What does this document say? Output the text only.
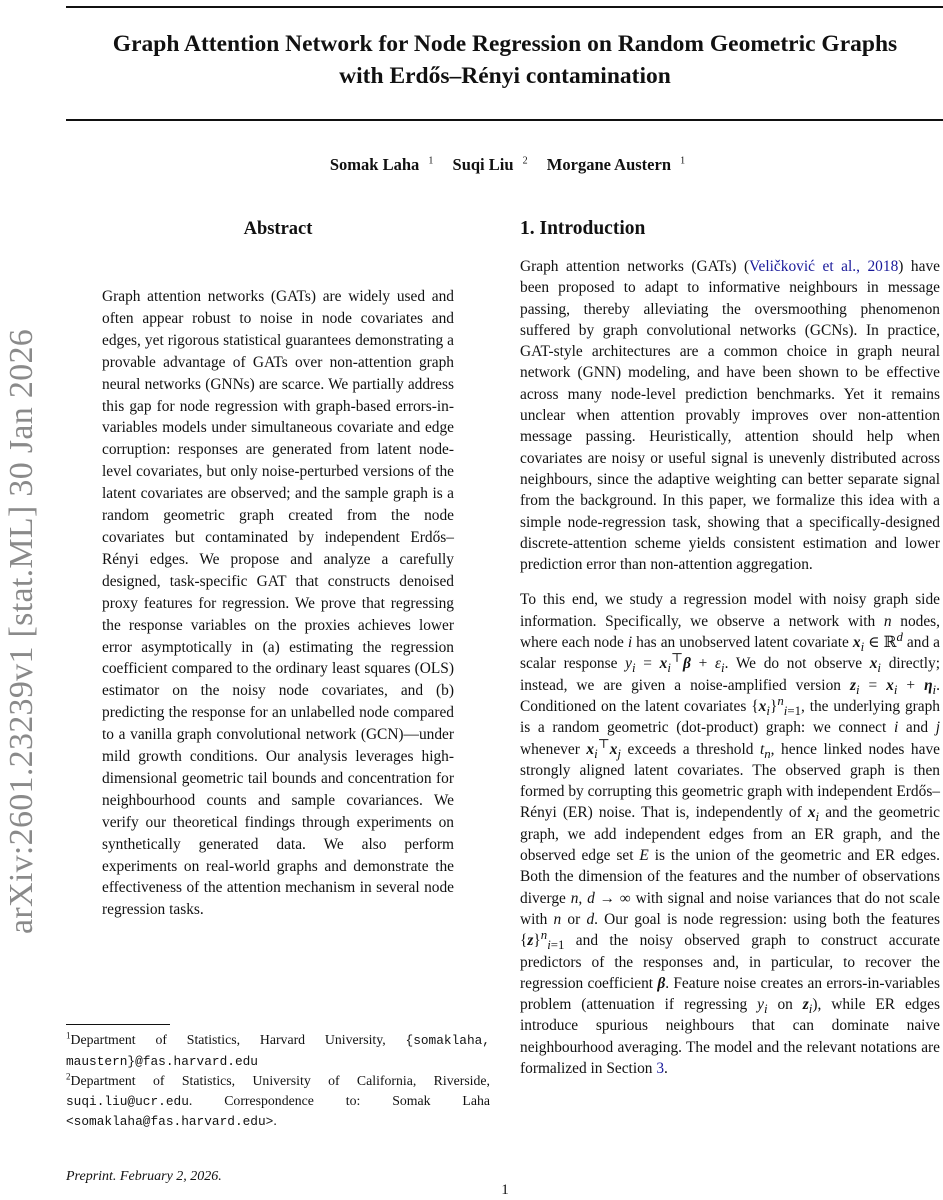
Graph Attention Network for Node Regression on Random Geometric Graphs
with Erdős–Rényi contamination

Somak Laha $^1$ Suqi Liu $^2$ Morgane Austern $^1$

arXiv:2601.23239v1 [stat.ML] 30 Jan 2026
Abstract

Graph attention networks (GATs) are widely used and often appear robust to noise in node covariates and edges, yet rigorous statistical guarantees demonstrating a provable advantage of GATs over non-attention graph neural networks (GNNs) are scarce. We partially address this gap for node regression with graph-based errors-in-variables models under simultaneous covariate and edge corruption: responses are generated from latent node-level covariates, but only noise-perturbed versions of the latent covariates are observed; and the sample graph is a random geometric graph created from the node covariates but contaminated by independent Erdős–Rényi edges. We propose and analyze a carefully designed, task-specific GAT that constructs denoised proxy features for regression. We prove that regressing the response variables on the proxies achieves lower error asymptotically in (a) estimating the regression coefficient compared to the ordinary least squares (OLS) estimator on the noisy node covariates, and (b) predicting the response for an unlabelled node compared to a vanilla graph convolutional network (GCN)—under mild growth conditions. Our analysis leverages high-dimensional geometric tail bounds and concentration for neighbourhood counts and sample covariances. We verify our theoretical findings through experiments on synthetically generated data. We also perform experiments on real-world graphs and demonstrate the effectiveness of the attention mechanism in several node regression tasks.

$^1$Department of Statistics, Harvard University, {somaklaha, maustern}@fas.harvard.edu

$^2$Department of Statistics, University of California, Riverside, suqi.liu@ucr.edu. Correspondence to: Somak Laha <somaklaha@fas.harvard.edu>.

Preprint. February 2, 2026.

1

1. Introduction

Graph attention networks (GATs) (Veličković et al., 2018) have been proposed to adapt to informative neighbours in message passing, thereby alleviating the oversmoothing phenomenon suffered by graph convolutional networks (GCNs). In practice, GAT-style architectures are a common choice in graph neural network (GNN) modeling, and have been shown to be effective across many node-level prediction benchmarks. Yet it remains unclear when attention provably improves over non-attention message passing. Heuristically, attention should help when covariates are noisy or useful signal is unevenly distributed across neighbours, since the adaptive weighting can better separate signal from the background. In this paper, we formalize this idea with a simple node-regression task, showing that a specifically-designed discrete-attention scheme yields consistent estimation and lower prediction error than non-attention aggregation.

To this end, we study a regression model with noisy graph side information. Specifically, we observe a network with n nodes, where each node i has an unobserved latent covariate $x_i$ ∈ ℝ$^d$ and a scalar response $y_i = x_i^⊤\beta + \varepsilon_i$. We do not observe $x_i$ directly; instead, we are given a noise-amplified version $z_i = x_i + \eta_i$. Conditioned on the latent covariates $\{x_i\}^n_{i=1}$, the underlying graph is a random geometric (dot-product) graph: we connect i and j whenever $x_i^⊤x_j$ exceeds a threshold $t_n$, hence linked nodes have strongly aligned latent covariates. The observed graph is then formed by corrupting this geometric graph with independent Erdős–Rényi (ER) noise. That is, independently of $x_i$ and the geometric graph, we add independent edges from an ER graph, and the observed edge set E is the union of the geometric and ER edges. Both the dimension of the features and the number of observations diverge n, d → ∞ with signal and noise variances that do not scale with n or d. Our goal is node regression: using both the features $\{z\}^n_{i=1}$ and the noisy observed graph to construct accurate predictors of the responses and, in particular, to recover the regression coefficient β. Feature noise creates an errors-in-variables problem (attenuation if regressing $y_i$ on $z_i$), while ER edges introduce spurious neighbours that can dominate naive neighbourhood averaging. The model and the relevant notations are formalized in Section 3.
